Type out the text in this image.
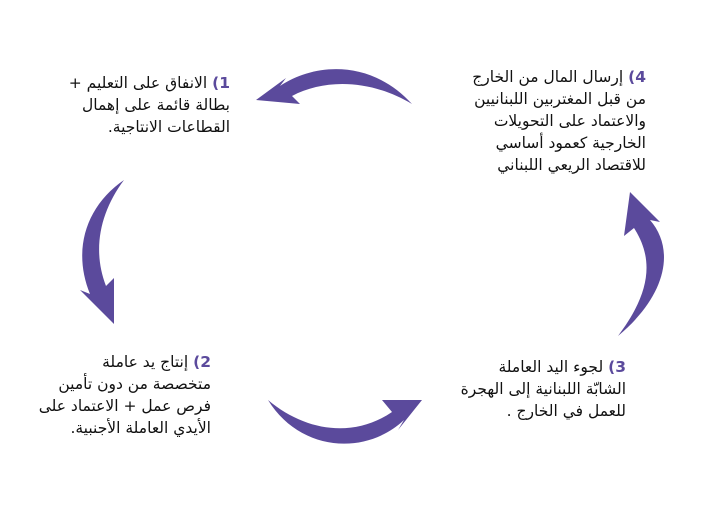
1) الانفاق على التعليم +
بطالة قائمة على إهمال
القطاعات الانتاجية.
2) إنتاج يد عاملة
متخصصة من دون تأمين
فرص عمل + الاعتماد على
الأيدي العاملة الأجنبية.
3) لجوء اليد العاملة
الشابّة اللبنانية إلى الهجرة
للعمل في الخارج .
4) إرسال المال من الخارج
من قبل المغتربين اللبنانيين
والاعتماد على التحويلات
الخارجية كعمود أساسي
للاقتصاد الريعي اللبناني
